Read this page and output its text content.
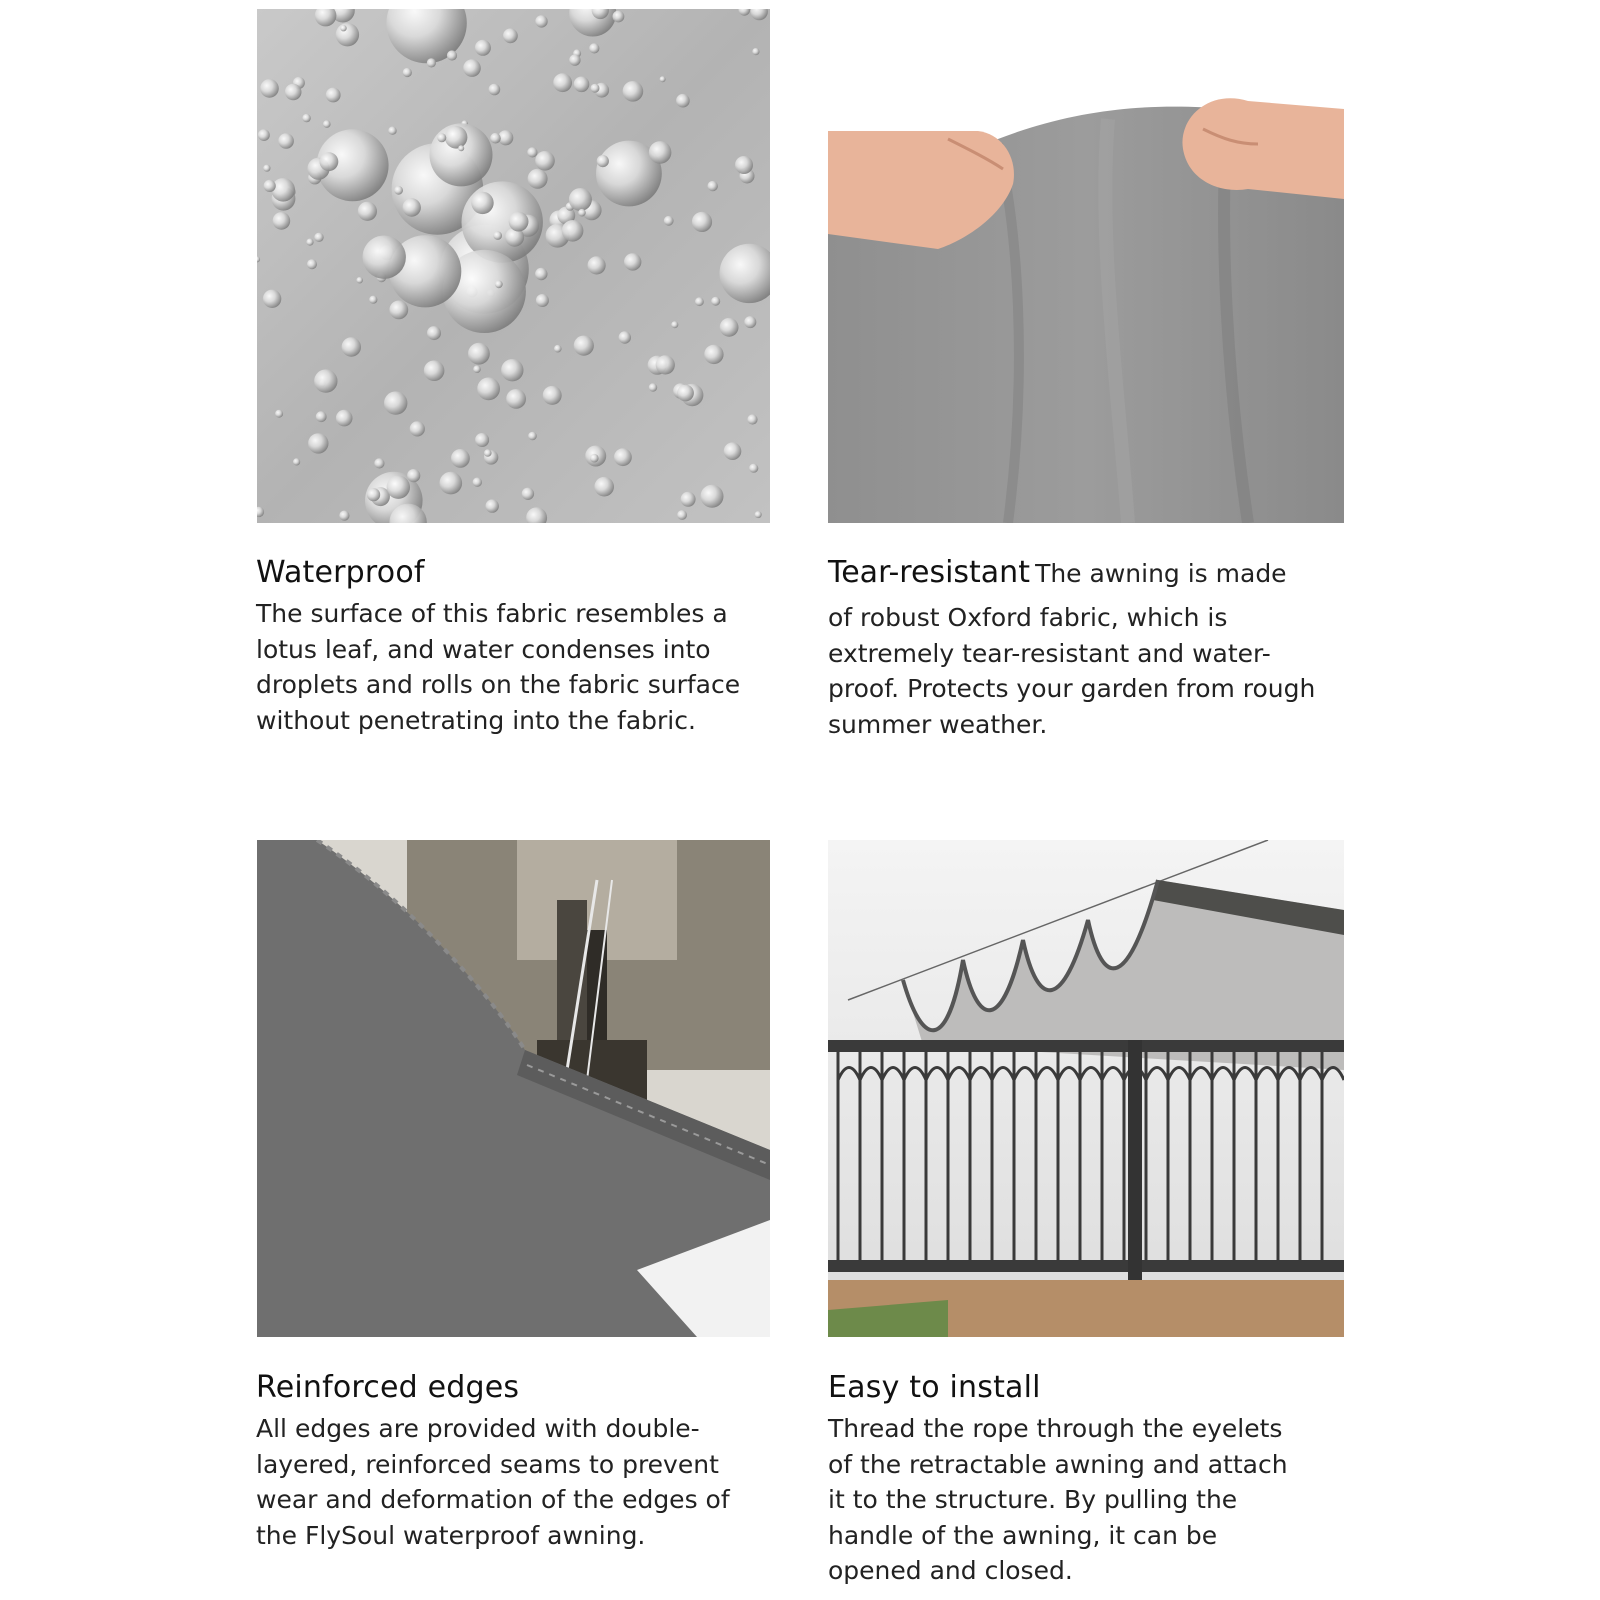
Waterproof
The surface of this fabric resembles a lotus leaf, and water condenses into droplets and rolls on the fabric surface without penetrating into the fabric.
Tear-resistant The awning is made
of robust Oxford fabric, which is extremely tear-resistant and water-proof. Protects your garden from rough summer weather.
Reinforced edges
All edges are provided with double-layered, reinforced seams to prevent wear and deformation of the edges of the FlySoul waterproof awning.
Easy to install
Thread the rope through the eyelets of the retractable awning and attach it to the structure. By pulling the handle of the awning, it can be opened and closed.
